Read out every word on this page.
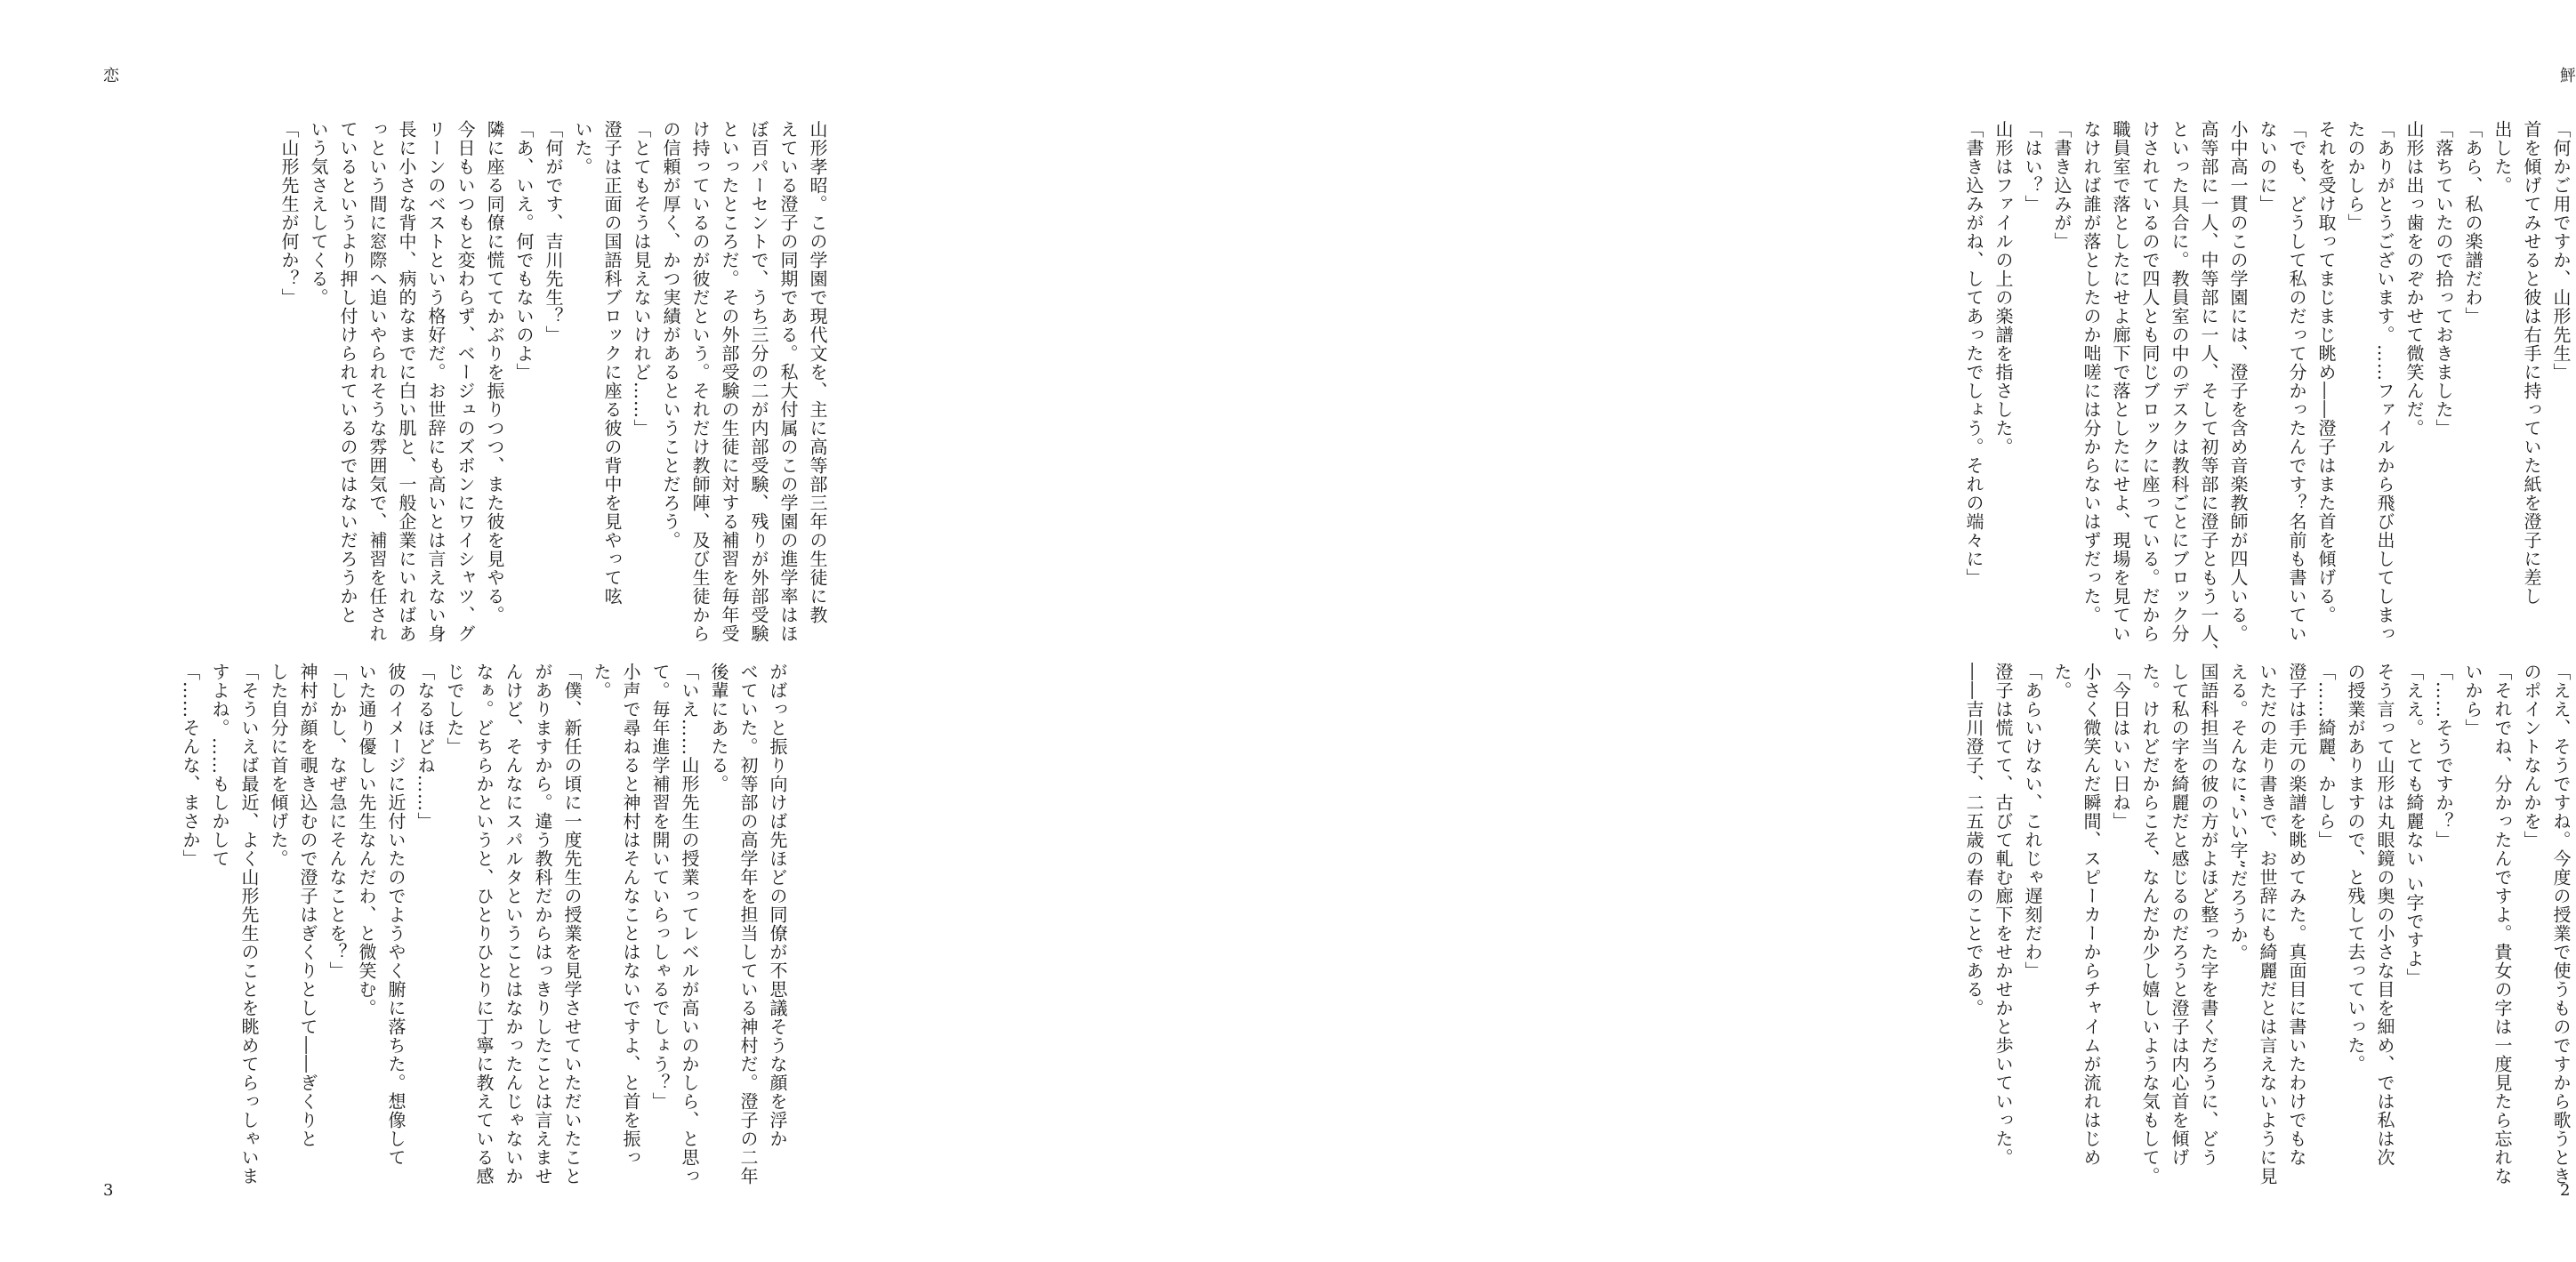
恋
山形孝昭。この学園で現代文を、主に高等部三年の生徒に教
えている澄子の同期である。私大付属のこの学園の進学率はほ
ぼ百パーセントで、うち三分の二が内部受験、残りが外部受験
といったところだ。その外部受験の生徒に対する補習を毎年受
け持っているのが彼だという。それだけ教師陣、及び生徒から
の信頼が厚く、かつ実績があるということだろう。
「とてもそうは見えないけれど……」
澄子は正面の国語科ブロックに座る彼の背中を見やって呟
いた。
「何がです、吉川先生？」
「あ、いえ。何でもないのよ」
隣に座る同僚に慌ててかぶりを振りつつ、また彼を見やる。
今日もいつもと変わらず、ベージュのズボンにワイシャツ、グ
リーンのベストという格好だ。お世辞にも高いとは言えない身
長に小さな背中、病的なまでに白い肌と、一般企業にいればあ
っという間に窓際へ追いやられそうな雰囲気で、補習を任され
ているというより押し付けられているのではないだろうかと
いう気さえしてくる。
「山形先生が何か？」
がばっと振り向けば先ほどの同僚が不思議そうな顔を浮か
べていた。初等部の高学年を担当している神村だ。澄子の二年
後輩にあたる。
「いえ……山形先生の授業ってレベルが高いのかしら、と思っ
て。毎年進学補習を開いていらっしゃるでしょう？」
小声で尋ねると神村はそんなことはないですよ、と首を振っ
た。
「僕、新任の頃に一度先生の授業を見学させていただいたこと
がありますから。違う教科だからはっきりしたことは言えませ
んけど、そんなにスパルタということはなかったんじゃないか
なぁ。どちらかというと、ひとりひとりに丁寧に教えている感
じでした」
「なるほどね……」
彼のイメージに近付いたのでようやく腑に落ちた。想像して
いた通り優しい先生なんだわ、と微笑む。
「しかし、なぜ急にそんなことを？」
神村が顔を覗き込むので澄子はぎくりとして――ぎくりと
した自分に首を傾げた。
「そういえば最近、よく山形先生のことを眺めてらっしゃいま
すよね。……もしかして
「……そんな、まさか」
3
鮃
「何かご用ですか、山形先生」
首を傾げてみせると彼は右手に持っていた紙を澄子に差し
出した。
「あら、私の楽譜だわ」
「落ちていたので拾っておきました」
山形は出っ歯をのぞかせて微笑んだ。
「ありがとうございます。……ファイルから飛び出してしまっ
たのかしら」
それを受け取ってまじまじ眺め――澄子はまた首を傾げる。
「でも、どうして私のだって分かったんです？名前も書いてい
ないのに」
小中高一貫のこの学園には、澄子を含め音楽教師が四人いる。
高等部に一人、中等部に一人、そして初等部に澄子ともう一人、
といった具合に。教員室の中のデスクは教科ごとにブロック分
けされているので四人とも同じブロックに座っている。だから
職員室で落としたにせよ廊下で落としたにせよ、現場を見てい
なければ誰が落としたのか咄嗟には分からないはずだった。
「書き込みが」
「はい？」
山形はファイルの上の楽譜を指さした。
「書き込みがね、してあったでしょう。それの端々に」
「ええ、そうですね。今度の授業で使うものですから歌うとき
のポイントなんかを」
「それでね、分かったんですよ。貴女の字は一度見たら忘れな
いから」
「……そうですか？」
「ええ。とても綺麗ない い字ですよ」
そう言って山形は丸眼鏡の奥の小さな目を細め、では私は次
の授業がありますので、と残して去っていった。
「……綺麗、かしら」
澄子は手元の楽譜を眺めてみた。真面目に書いたわけでもな
いただの走り書きで、お世辞にも綺麗だとは言えないように見
える。そんなに“いい字”だろうか。
国語科担当の彼の方がよほど整った字を書くだろうに、どう
して私の字を綺麗だと感じるのだろうと澄子は内心首を傾げ
た。けれどだからこそ、なんだか少し嬉しいような気もして。
「今日はいい日ね」
小さく微笑んだ瞬間、スピーカーからチャイムが流れはじめ
た。
「あらいけない、これじゃ遅刻だわ」
澄子は慌てて、古びて軋む廊下をせかせかと歩いていった。
――吉川澄子、二五歳の春のことである。
2
